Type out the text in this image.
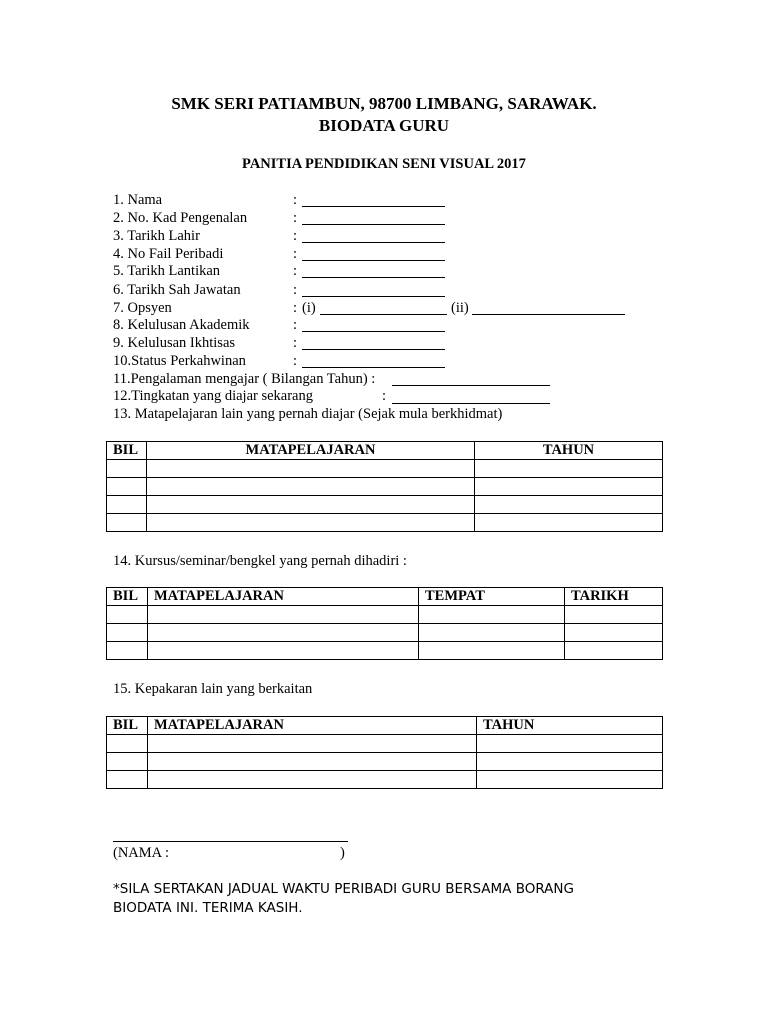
SMK SERI PATIAMBUN, 98700 LIMBANG, SARAWAK.
BIODATA GURU
PANITIA PENDIDIKAN SENI VISUAL 2017
1. Nama	:
2. No. Kad Pengenalan	:
3. Tarikh Lahir	:
4. No Fail Peribadi	:
5. Tarikh Lantikan	:
6. Tarikh Sah Jawatan	:
7. Opsyen	: (i)	(ii)
8. Kelulusan Akademik	:
9. Kelulusan Ikhtisas	:
10.Status Perkahwinan	:
11.Pengalaman mengajar ( Bilangan Tahun) :
12.Tingkatan yang diajar sekarang	:
13. Matapelajaran lain yang pernah diajar (Sejak mula berkhidmat)
BIL	MATAPELAJARAN	TAHUN

14. Kursus/seminar/bengkel yang pernah dihadiri :
BIL	MATAPELAJARAN	TEMPAT	TARIKH

15. Kepakaran lain yang berkaitan
BIL	MATAPELAJARAN	TAHUN

(NAMA :	)
*SILA SERTAKAN JADUAL WAKTU PERIBADI GURU BERSAMA BORANG
BIODATA INI. TERIMA KASIH.
